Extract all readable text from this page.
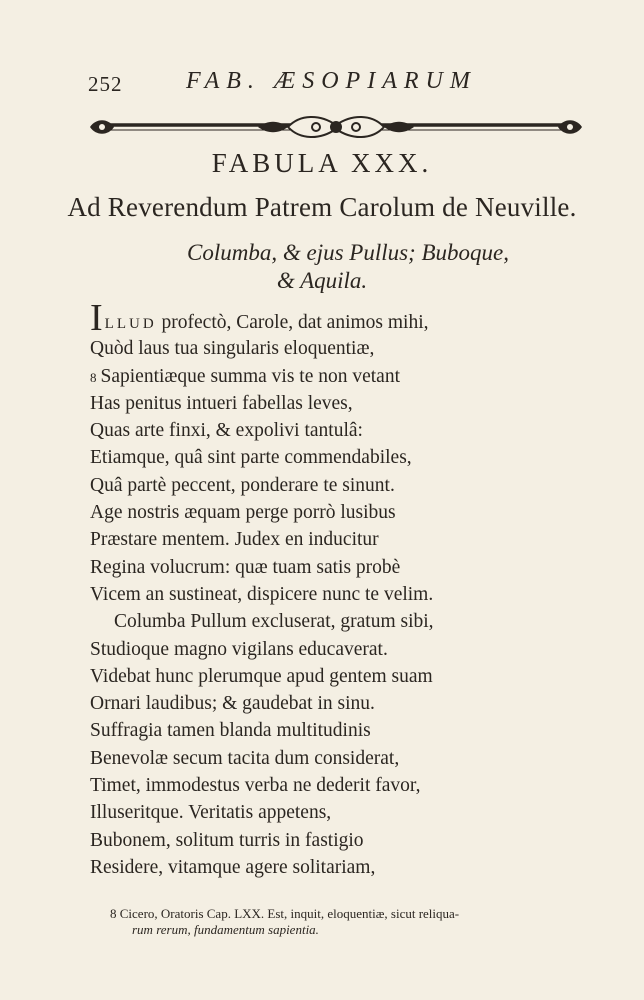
252	FAB. ÆSOPIARUM
FABULA XXX.
Ad Reverendum Patrem Carolum de Neuville.
Columba, & ejus Pullus; Buboque,
& Aquila.
ILLUD profectò, Carole, dat animos mihi,
Quòd laus tua singularis eloquentiæ,
8 Sapientiæque summa vis te non vetant
Has penitus intueri fabellas leves,
Quas arte finxi, & expolivi tantulâ:
Etiamque, quâ sint parte commendabiles,
Quâ partè peccent, ponderare te sinunt.
Age nostris æquam perge porrò lusibus
Præstare mentem. Judex en inducitur
Regina volucrum: quæ tuam satis probè
Vicem an sustineat, dispicere nunc te velim.
Columba Pullum excluserat, gratum sibi,
Studioque magno vigilans educaverat.
Videbat hunc plerumque apud gentem suam
Ornari laudibus; & gaudebat in sinu.
Suffragia tamen blanda multitudinis
Benevolæ secum tacita dum considerat,
Timet, immodestus verba ne dederit favor,
Illuseritque. Veritatis appetens,
Bubonem, solitum turris in fastigio
Residere, vitamque agere solitariam,
8 Cicero, Oratoris Cap. LXX. Est, inquit, eloquentiæ, sicut reliqua-
rum rerum, fundamentum sapientia.
